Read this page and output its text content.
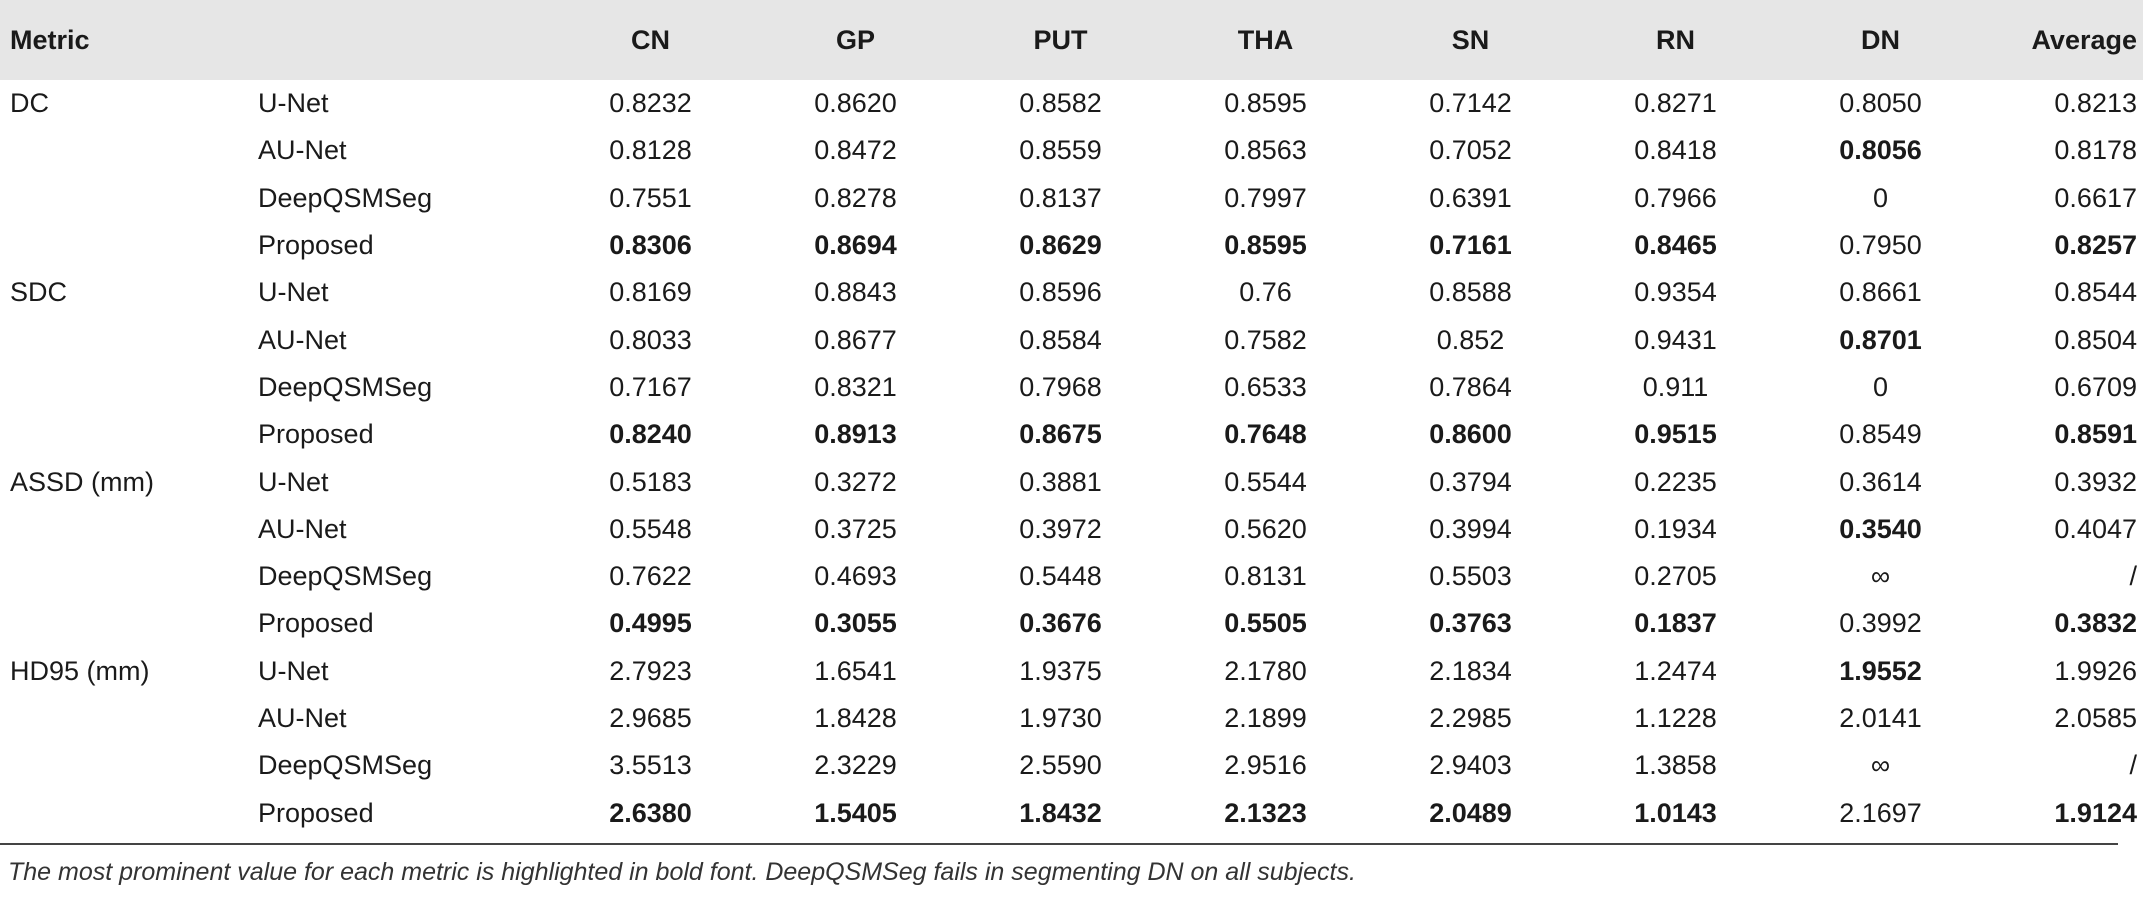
Metric		CN	GP	PUT	THA	SN	RN	DN	Average
DC	U-Net	0.8232	0.8620	0.8582	0.8595	0.7142	0.8271	0.8050	0.8213
	AU-Net	0.8128	0.8472	0.8559	0.8563	0.7052	0.8418	0.8056	0.8178
	DeepQSMSeg	0.7551	0.8278	0.8137	0.7997	0.6391	0.7966	0	0.6617
	Proposed	0.8306	0.8694	0.8629	0.8595	0.7161	0.8465	0.7950	0.8257
SDC	U-Net	0.8169	0.8843	0.8596	0.76	0.8588	0.9354	0.8661	0.8544
	AU-Net	0.8033	0.8677	0.8584	0.7582	0.852	0.9431	0.8701	0.8504
	DeepQSMSeg	0.7167	0.8321	0.7968	0.6533	0.7864	0.911	0	0.6709
	Proposed	0.8240	0.8913	0.8675	0.7648	0.8600	0.9515	0.8549	0.8591
ASSD (mm)	U-Net	0.5183	0.3272	0.3881	0.5544	0.3794	0.2235	0.3614	0.3932
	AU-Net	0.5548	0.3725	0.3972	0.5620	0.3994	0.1934	0.3540	0.4047
	DeepQSMSeg	0.7622	0.4693	0.5448	0.8131	0.5503	0.2705	∞	/
	Proposed	0.4995	0.3055	0.3676	0.5505	0.3763	0.1837	0.3992	0.3832
HD95 (mm)	U-Net	2.7923	1.6541	1.9375	2.1780	2.1834	1.2474	1.9552	1.9926
	AU-Net	2.9685	1.8428	1.9730	2.1899	2.2985	1.1228	2.0141	2.0585
	DeepQSMSeg	3.5513	2.3229	2.5590	2.9516	2.9403	1.3858	∞	/
	Proposed	2.6380	1.5405	1.8432	2.1323	2.0489	1.0143	2.1697	1.9124
The most prominent value for each metric is highlighted in bold font. DeepQSMSeg fails in segmenting DN on all subjects.
